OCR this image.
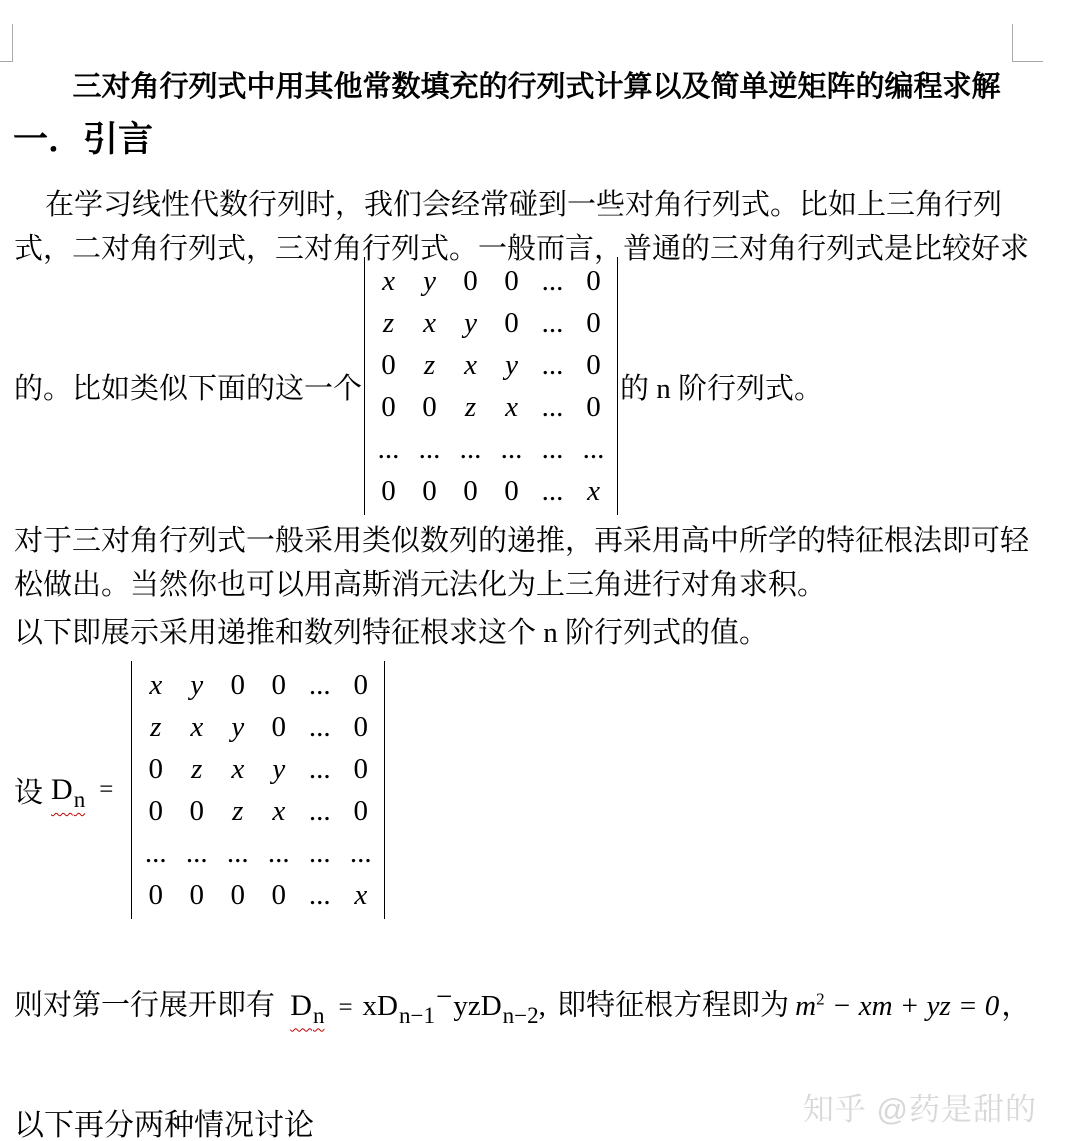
三对角行列式中用其他常数填充的行列式计算以及简单逆矩阵的编程求解
一．引言

在学习线性代数行列时，我们会经常碰到一些对角行列式。比如上三角行列式，二对角行列式，三对角行列式。一般而言，普通的三对角行列式是比较好求

的。比如类似下面的这一个
x y 0 0 ... 0
z x y 0 ... 0
0 z x y ... 0
0 0 z x ... 0
... ... ... ... ... ...
0 0 0 0 ... x
的 n 阶行列式。

对于三对角行列式一般采用类似数列的递推，再采用高中所学的特征根法即可轻松做出。当然你也可以用高斯消元法化为上三角进行对角求积。

以下即展示采用递推和数列特征根求这个 n 阶行列式的值。

设 $D_n$ =
x y 0 0 ... 0
z x y 0 ... 0
0 z x y ... 0
0 0 z x ... 0
... ... ... ... ... ...
0 0 0 0 ... x

则对第一行展开即有 $D_n = xD_{n-1}-yzD_{n-2}$, 即特征根方程即为 $m^2$ − xm + yz = 0，

以下再分两种情况讨论	知乎 @药是甜的
